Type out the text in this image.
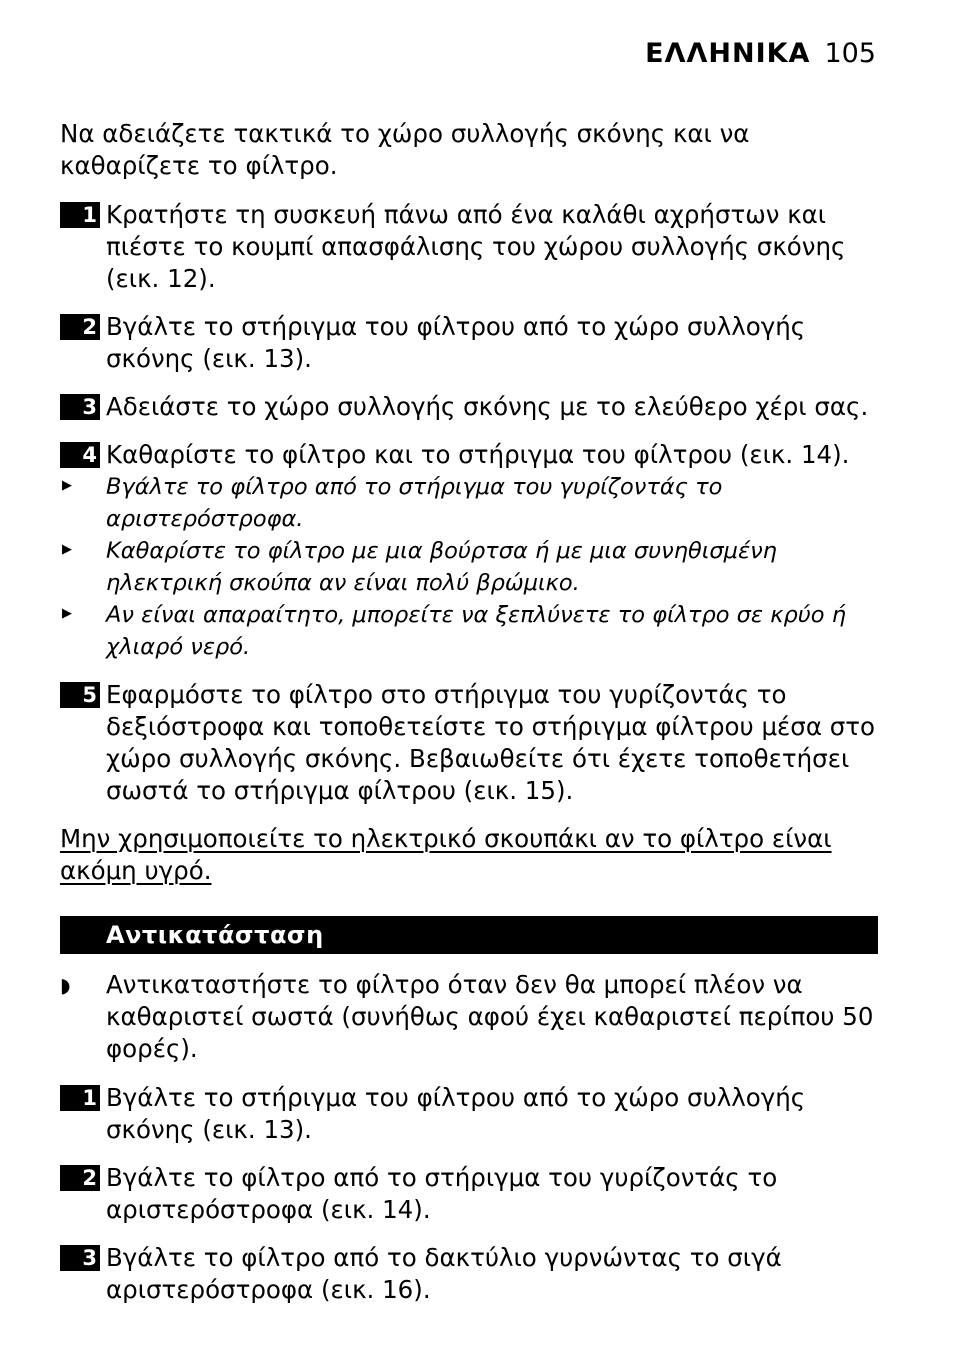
ΕΛΛΗΝΙΚΑ 105
Να αδειάζετε τακτικά το χώρο συλλογής σκόνης και να καθαρίζετε το φίλτρο.
1 Κρατήστε τη συσκευή πάνω από ένα καλάθι αχρήστων και πιέστε το κουμπί απασφάλισης του χώρου συλλογής σκόνης (εικ. 12).
2 Βγάλτε το στήριγμα του φίλτρου από το χώρο συλλογής σκόνης (εικ. 13).
3 Αδειάστε το χώρο συλλογής σκόνης με το ελεύθερο χέρι σας.
4 Καθαρίστε το φίλτρο και το στήριγμα του φίλτρου (εικ. 14).
▶	Βγάλτε το φίλτρο από το στήριγμα του γυρίζοντάς το αριστερόστροφα.
▶	Καθαρίστε το φίλτρο με μια βούρτσα ή με μια συνηθισμένη ηλεκτρική σκούπα αν είναι πολύ βρώμικο.
▶	Αν είναι απαραίτητο, μπορείτε να ξεπλύνετε το φίλτρο σε κρύο ή χλιαρό νερό.
5 Εφαρμόστε το φίλτρο στο στήριγμα του γυρίζοντάς το δεξιόστροφα και τοποθετείστε το στήριγμα φίλτρου μέσα στο χώρο συλλογής σκόνης. Βεβαιωθείτε ότι έχετε τοποθετήσει σωστά το στήριγμα φίλτρου (εικ. 15).
Μην χρησιμοποιείτε το ηλεκτρικό σκουπάκι αν το φίλτρο είναι ακόμη υγρό.
Αντικατάσταση
◗	Αντικαταστήστε το φίλτρο όταν δεν θα μπορεί πλέον να καθαριστεί σωστά (συνήθως αφού έχει καθαριστεί περίπου 50 φορές).
1 Βγάλτε το στήριγμα του φίλτρου από το χώρο συλλογής σκόνης (εικ. 13).
2 Βγάλτε το φίλτρο από το στήριγμα του γυρίζοντάς το αριστερόστροφα (εικ. 14).
3 Βγάλτε το φίλτρο από το δακτύλιο γυρνώντας το σιγά αριστερόστροφα (εικ. 16).
